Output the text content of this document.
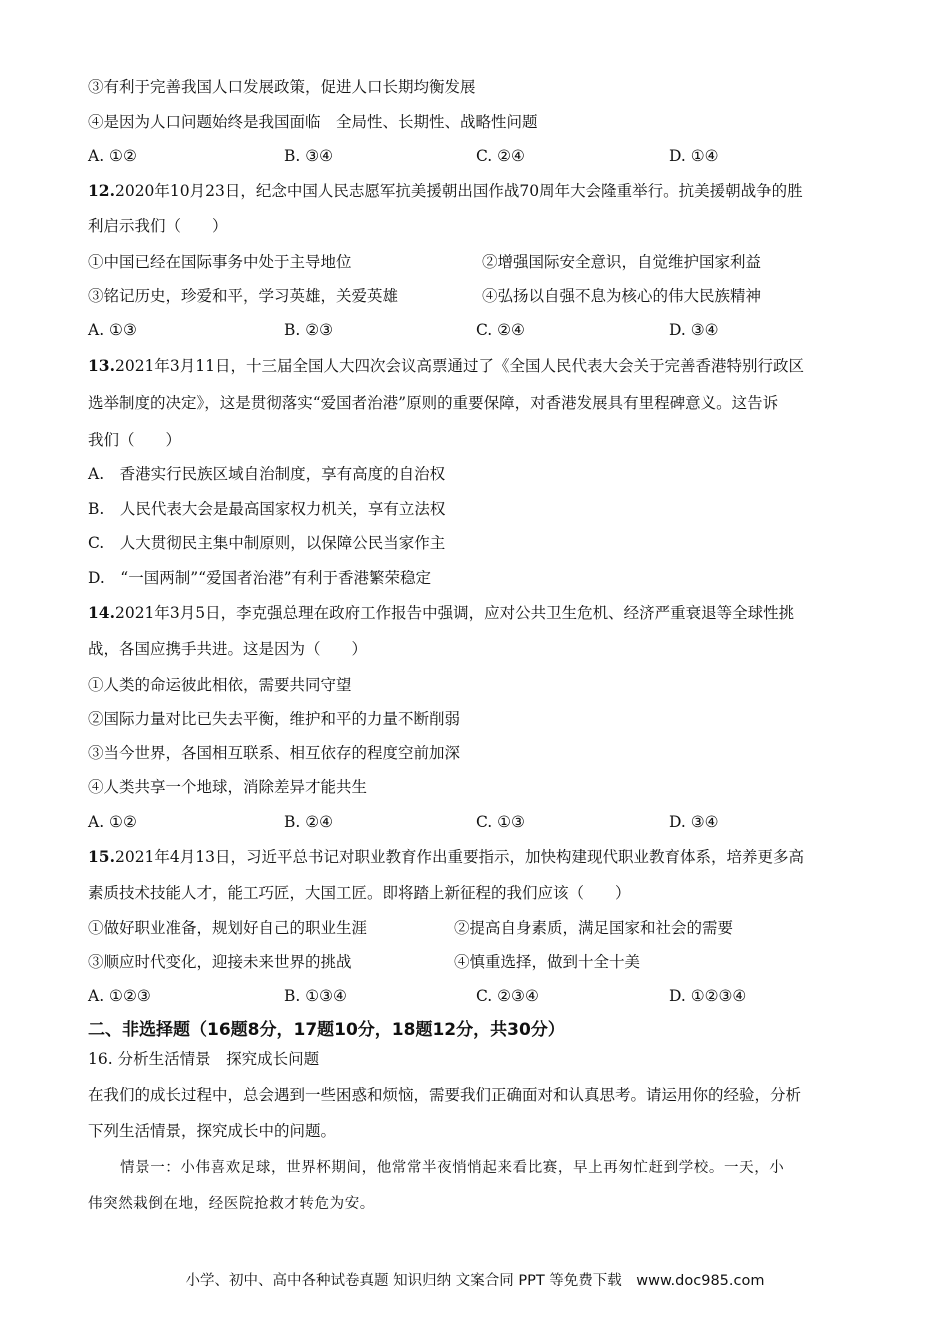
③有利于完善我国人口发展政策，促进人口长期均衡发展
④是因为人口问题始终是我国面临　全局性、长期性、战略性问题
A. ①②	B. ③④	C. ②④	D. ①④
12.2020年10月23日，纪念中国人民志愿军抗美援朝出国作战70周年大会隆重举行。抗美援朝战争的胜
利启示我们（　　）
①中国已经在国际事务中处于主导地位	②增强国际安全意识，自觉维护国家利益
③铭记历史，珍爱和平，学习英雄，关爱英雄	④弘扬以自强不息为核心的伟大民族精神
A. ①③	B. ②③	C. ②④	D. ③④
13.2021年3月11日，十三届全国人大四次会议高票通过了《全国人民代表大会关于完善香港特别行政区
选举制度的决定》，这是贯彻落实“爱国者治港”原则的重要保障，对香港发展具有里程碑意义。这告诉
我们（　　）
A.　香港实行民族区域自治制度，享有高度的自治权
B.　人民代表大会是最高国家权力机关，享有立法权
C.　人大贯彻民主集中制原则，以保障公民当家作主
D.　“一国两制”“爱国者治港”有利于香港繁荣稳定
14.2021年3月5日，李克强总理在政府工作报告中强调，应对公共卫生危机、经济严重衰退等全球性挑
战，各国应携手共进。这是因为（　　）
①人类的命运彼此相依，需要共同守望
②国际力量对比已失去平衡，维护和平的力量不断削弱
③当今世界，各国相互联系、相互依存的程度空前加深
④人类共享一个地球，消除差异才能共生
A. ①②	B. ②④	C. ①③	D. ③④
15.2021年4月13日，习近平总书记对职业教育作出重要指示，加快构建现代职业教育体系，培养更多高
素质技术技能人才，能工巧匠，大国工匠。即将踏上新征程的我们应该（　　）
①做好职业准备，规划好自己的职业生涯	②提高自身素质，满足国家和社会的需要
③顺应时代变化，迎接未来世界的挑战	④慎重选择，做到十全十美
A. ①②③	B. ①③④	C. ②③④	D. ①②③④
二、非选择题（16题8分，17题10分，18题12分，共30分）
16. 分析生活情景　探究成长问题
在我们的成长过程中，总会遇到一些困惑和烦恼，需要我们正确面对和认真思考。请运用你的经验，分析
下列生活情景，探究成长中的问题。
情景一：小伟喜欢足球，世界杯期间，他常常半夜悄悄起来看比赛，早上再匆忙赶到学校。一天，小
伟突然栽倒在地，经医院抢救才转危为安。
小学、初中、高中各种试卷真题 知识归纳 文案合同 PPT 等免费下载　www.doc985.com
